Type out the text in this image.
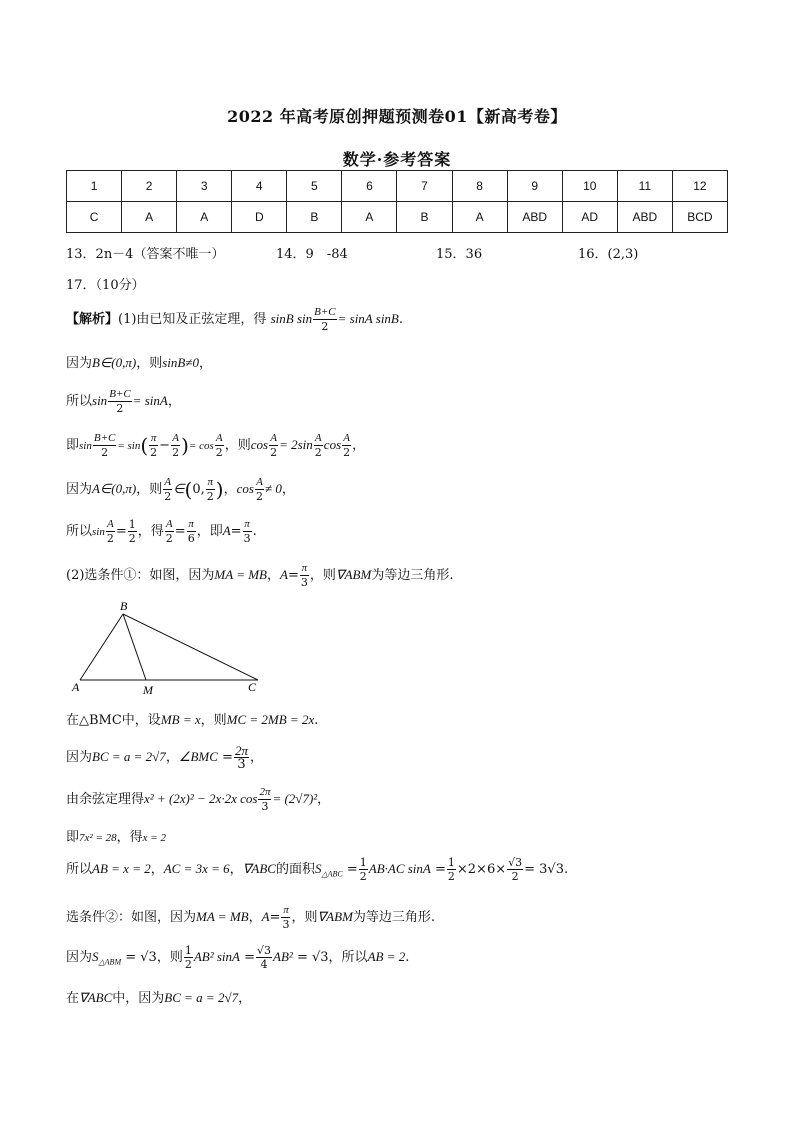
2022 年高考原创押题预测卷01【新高考卷】
数学·参考答案
1	2	3	4	5	6	7	8	9	10	11	12
C	A	A	D	B	A	B	A	ABD	AD	ABD	BCD
13．2n－4（答案不唯一）	14．9　-84	15．36	16．(2,3)
17．（10分）
【解析】(1)由已知及正弦定理，得 sinB $\sin \frac{B+C}{2} = \sin A$ sinB.
因为B∈(0,π)，则sinB≠0，
所以$\sin \frac{B+C}{2} = \sin A$，
即$\sin \frac{B+C}{2} = \sin( \frac{\pi}{2} - \frac{A}{2}$ )= $\cos \frac{A}{2}$ ，则$\cos \frac{A}{2} = 2\sin \frac{A}{2}$ $\cos \frac{A}{2}$ ，
因为A∈(0,π)，则 $\frac{A}{2}$ ∈(0, $\frac{\pi}{2}$ )，$\cos \frac{A}{2} \ne 0$，
所以$\sin \frac{A}{2} = \frac{1}{2}$ ，得 $\frac{A}{2} = \frac{\pi}{6}$ ，即$A= \frac{\pi}{3}$ .
(2)选条件①：如图，因为MA = MB，$A= \frac{\pi}{3}$ ，则∇ABM为等边三角形.
A
B
M	C
在△BMC中，设MB = x，则MC = 2MB = 2x.
因为BC = a = 2√7，∠BMC = $\frac{2\pi}{3}$ ，
由余弦定理得x² + (2x)² − 2x·2x $\cos \frac{2\pi}{3} = (2√7)^2$，
即7x² = 28，得x = 2
所以AB = x = 2，AC = 3x = 6，∇ABC的面积$S_{\triangle ABC} = \frac{1}{2} AB\cdot AC$ $\sin A = \frac{1}{2} \times 2\times 6\times \frac{√3}{2} = 3√3$.
选条件②：如图，因为MA = MB，$A= \frac{\pi}{3}$ ，则∇ABM为等边三角形.
因为$S_{\triangle ABM} = √3$，则 $\frac{1}{2} AB^2$ $\sin A = \frac{√3}{4} AB^2 = √3$，所以AB = 2.
在∇ABC中，因为BC = a = 2√7，
